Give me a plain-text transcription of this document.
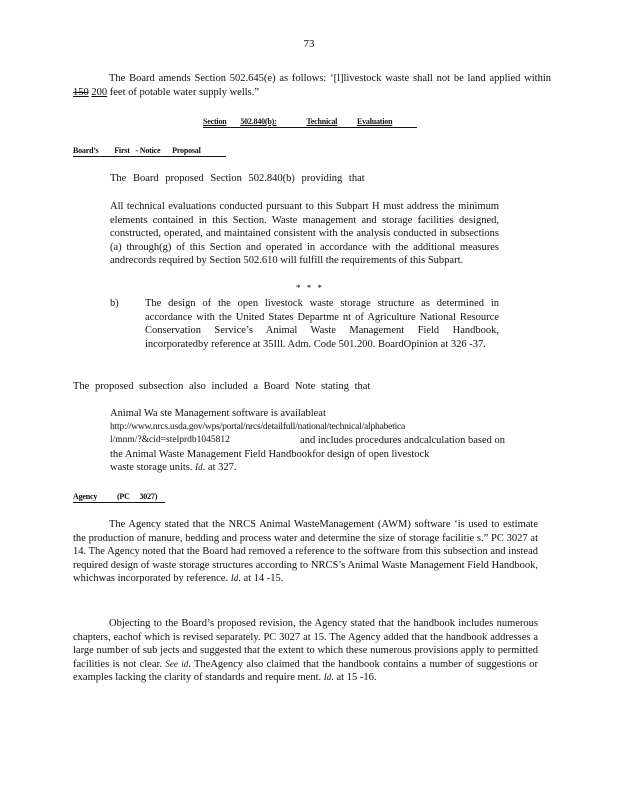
73

The Board amends Section 502.645(e) as follows: ‘[l]livestock waste shall not be land applied within 150 200 feet of potable water supply wells.”

Section 502.840(b):	Technical Evaluation
Board’s First - Notice Proposal

The Board proposed Section 502.840(b) providing that

All technical evaluations conducted pursuant to this Subpart H must address the minimum elements contained in this Section. Waste management and storage facilities designed, constructed, operated, and maintained consistent with the analysis conducted in subsections (a) through(g) of this Section and operated in accordance with the additional measures andrecords required by Section 502.610 will fulfill the requirements of this Subpart.

* * *
b)	The design of the open livestock waste storage structure as determined in accordance with the United States Departme nt of Agriculture National Resource Conservation Service’s Animal Waste Management Field Handbook, incorporatedby reference at 35Ill. Adm. Code 501.200. BoardOpinion at 326 -37.

The proposed subsection also included a Board Note stating that

Animal Wa ste Management software is availableat
http://www.nrcs.usda.gov/wps/portal/nrcs/detailfull/national/technical/alphabetica
l/mnm/?&cid=stelprdb1045812	and includes procedures andcalculation based on
the Animal Waste Management Field Handbookfor design of open livestock
waste storage units. Id. at 327.
Agency (PC 3027)

The Agency stated that the NRCS Animal WasteManagement (AWM) software ‘is used to estimate the production of manure, bedding and process water and determine the size of storage facilitie s.” PC 3027 at 14. The Agency noted that the Board had removed a reference to the software from this subsection and instead required design of waste storage structures according to NRCS’s Animal Waste Management Field Handbook, whichwas incorporated by reference. Id. at 14 -15.

Objecting to the Board’s proposed revision, the Agency stated that the handbook includes numerous chapters, eachof which is revised separately. PC 3027 at 15. The Agency added that the handbook addresses a large number of sub jects and suggested that the extent to which these numerous provisions apply to permitted facilities is not clear. See id. TheAgency also claimed that the handbook contains a number of suggestions or examples lacking the clarity of standards and require ment. Id. at 15 -16.
